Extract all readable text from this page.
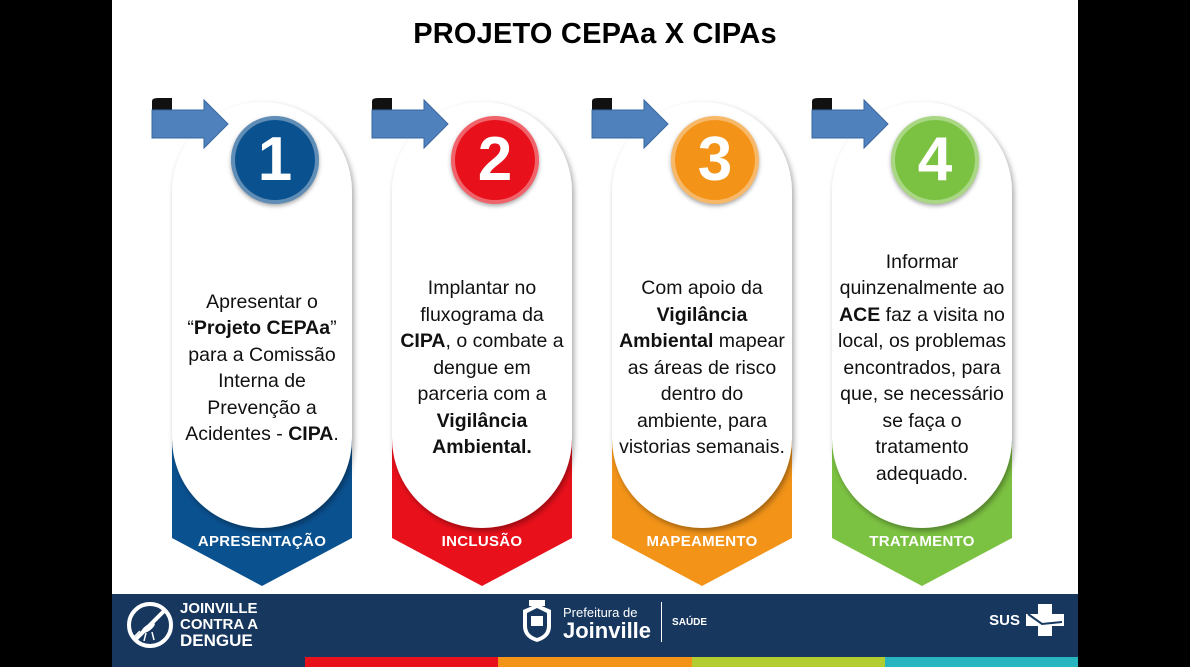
PROJETO CEPAa X CIPAs
1
Apresentar o “Projeto CEPAa” para a Comissão Interna de Prevenção a Acidentes - CIPA.
APRESENTAÇÃO
2
Implantar no fluxograma da CIPA, o combate a dengue em parceria com a Vigilância Ambiental.
INCLUSÃO
3
Com apoio da Vigilância Ambiental mapear as áreas de risco dentro do ambiente, para vistorias semanais.
MAPEAMENTO
4
Informar quinzenalmente ao ACE faz a visita no local, os problemas encontrados, para que, se necessário se faça o tratamento adequado.
TRATAMENTO
JOINVILLE
CONTRA A
DENGUE
Prefeitura de
Joinville SAÚDE	SUS
